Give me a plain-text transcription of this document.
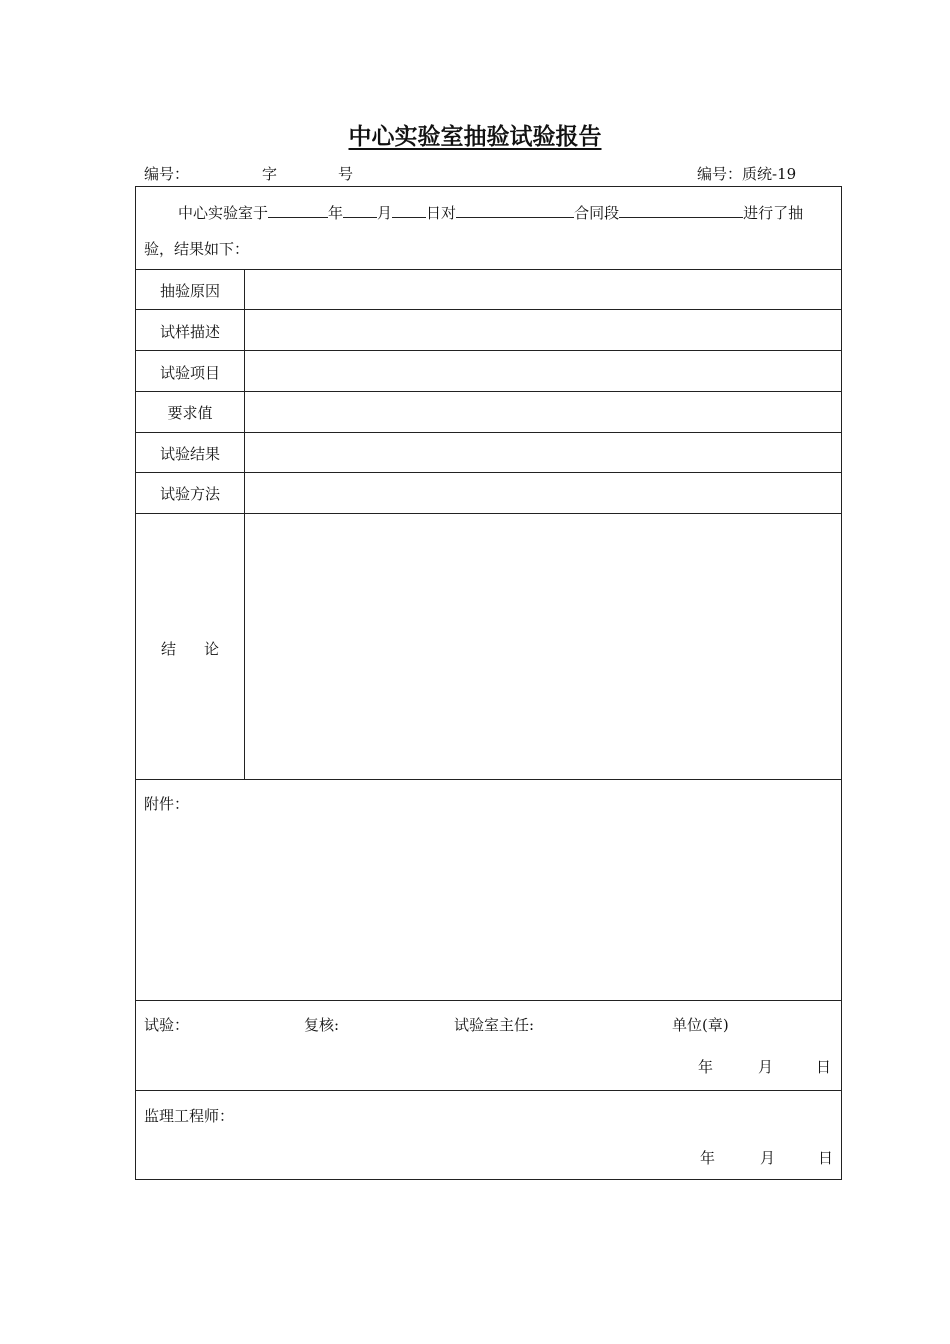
中心实验室抽验试验报告
编号：	字	号	编号：质统-19
中心实验室于	年 月 日对	合同段	进行了抽
验，结果如下：
抽验原因
试样描述
试验项目
要求值
试验结果
试验方法
结 论
附件：
试验：	复核:	试验室主任:	单位(章)
年	月	日
监理工程师：
年	月	日
